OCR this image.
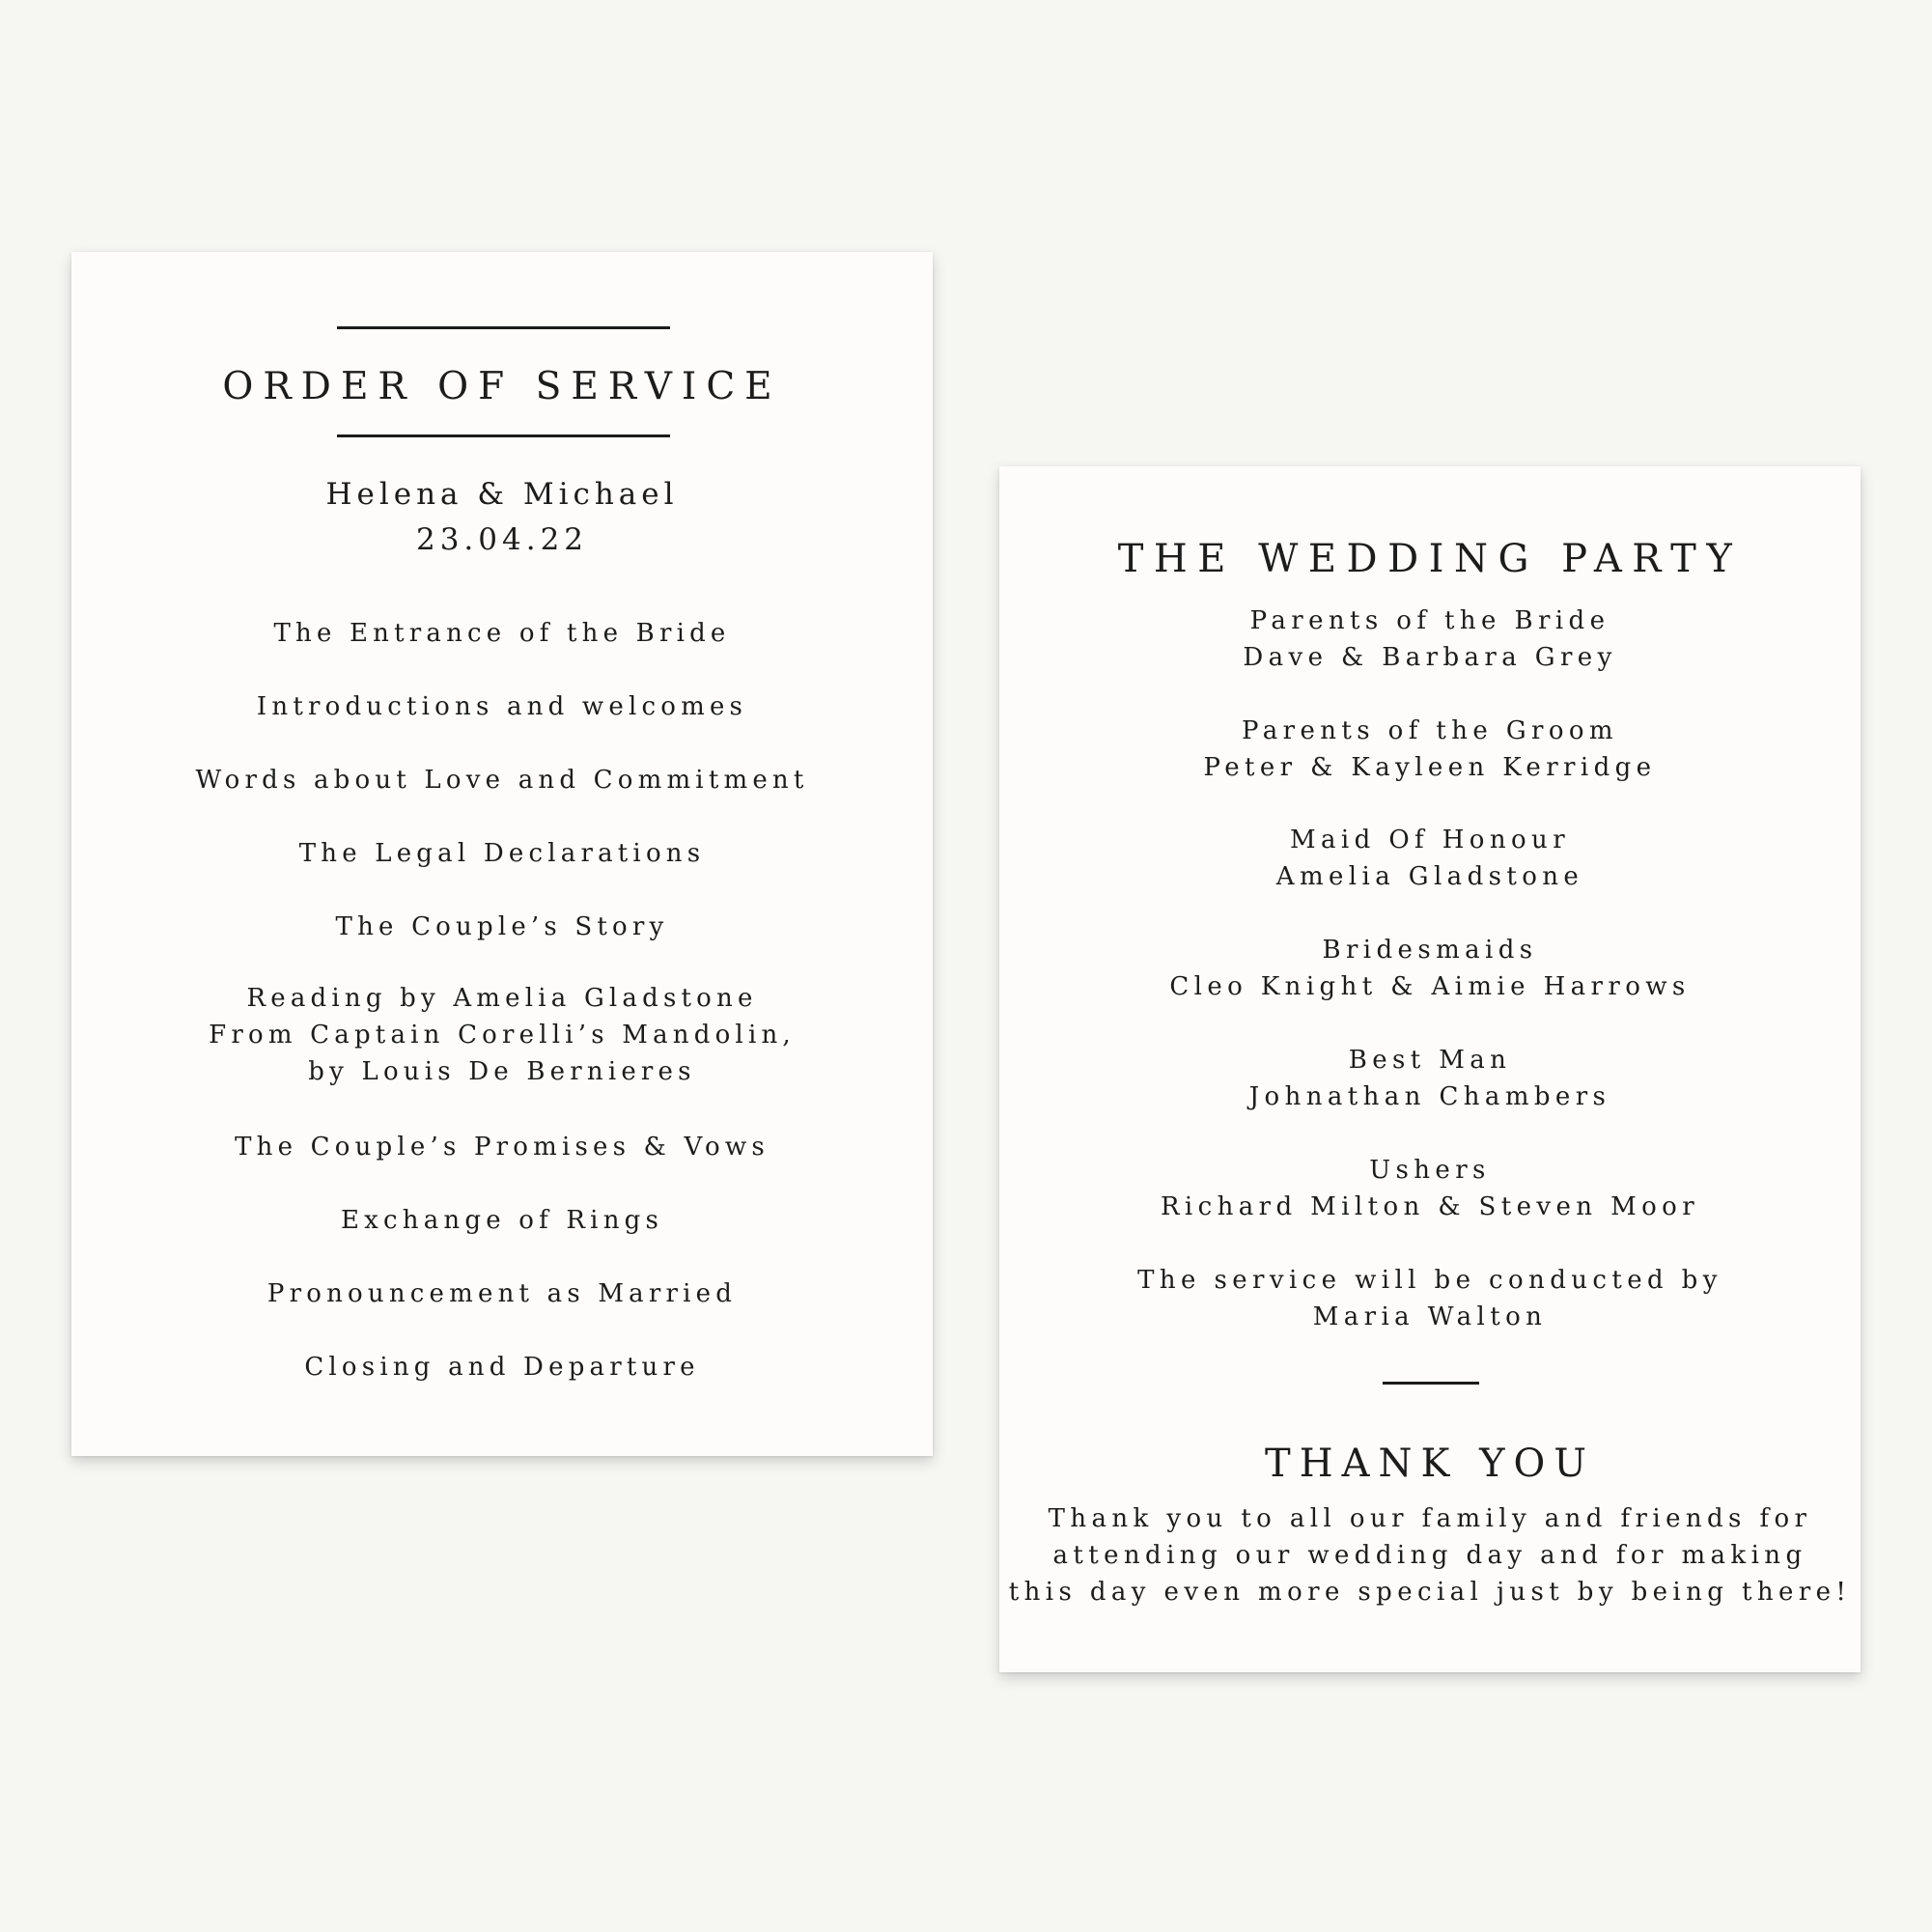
ORDER OF SERVICE
Helena & Michael
23.04.22
The Entrance of the Bride
Introductions and welcomes
Words about Love and Commitment
The Legal Declarations
The Couple’s Story
Reading by Amelia Gladstone
From Captain Corelli’s Mandolin,
by Louis De Bernieres
The Couple’s Promises & Vows
Exchange of Rings
Pronouncement as Married
Closing and Departure
THE WEDDING PARTY
Parents of the Bride
Dave & Barbara Grey
Parents of the Groom
Peter & Kayleen Kerridge
Maid Of Honour
Amelia Gladstone
Bridesmaids
Cleo Knight & Aimie Harrows
Best Man
Johnathan Chambers
Ushers
Richard Milton & Steven Moor
The service will be conducted by
Maria Walton
THANK YOU
Thank you to all our family and friends for
attending our wedding day and for making
this day even more special just by being there!
